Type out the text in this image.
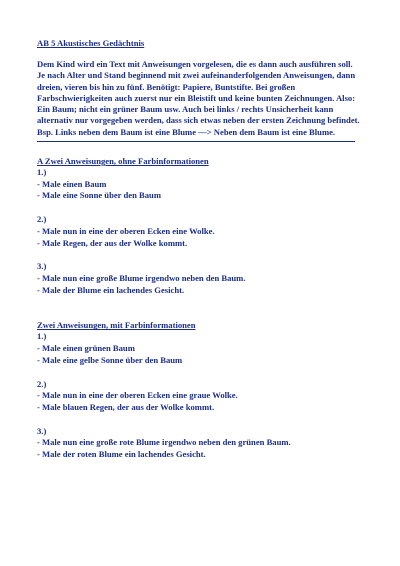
AB 5 Akustisches Gedächtnis

Dem Kind wird ein Text mit Anweisungen vorgelesen, die es dann auch ausführen soll. Je nach Alter und Stand beginnend mit zwei aufeinanderfolgenden Anweisungen, dann dreien, vieren bis hin zu fünf. Benötigt: Papiere, Buntstifte. Bei großen Farbschwierigkeiten auch zuerst nur ein Bleistift und keine bunten Zeichnungen. Also: Ein Baum; nicht ein grüner Baum usw. Auch bei links / rechts Unsicherheit kann alternativ nur vorgegeben werden, dass sich etwas neben der ersten Zeichnung befindet. Bsp. Links neben dem Baum ist eine Blume —> Neben dem Baum ist eine Blume.

A Zwei Anweisungen, ohne Farbinformationen

1.)

- Male einen Baum

- Male eine Sonne über den Baum

2.)

- Male nun in eine der oberen Ecken eine Wolke.

- Male Regen, der aus der Wolke kommt.

3.)

- Male nun eine große Blume irgendwo neben den Baum.

- Male der Blume ein lachendes Gesicht.

Zwei Anweisungen, mit Farbinformationen

1.)

- Male einen grünen Baum

- Male eine gelbe Sonne über den Baum

2.)

- Male nun in eine der oberen Ecken eine graue Wolke.

- Male blauen Regen, der aus der Wolke kommt.

3.)

- Male nun eine große rote Blume irgendwo neben den grünen Baum.

- Male der roten Blume ein lachendes Gesicht.
